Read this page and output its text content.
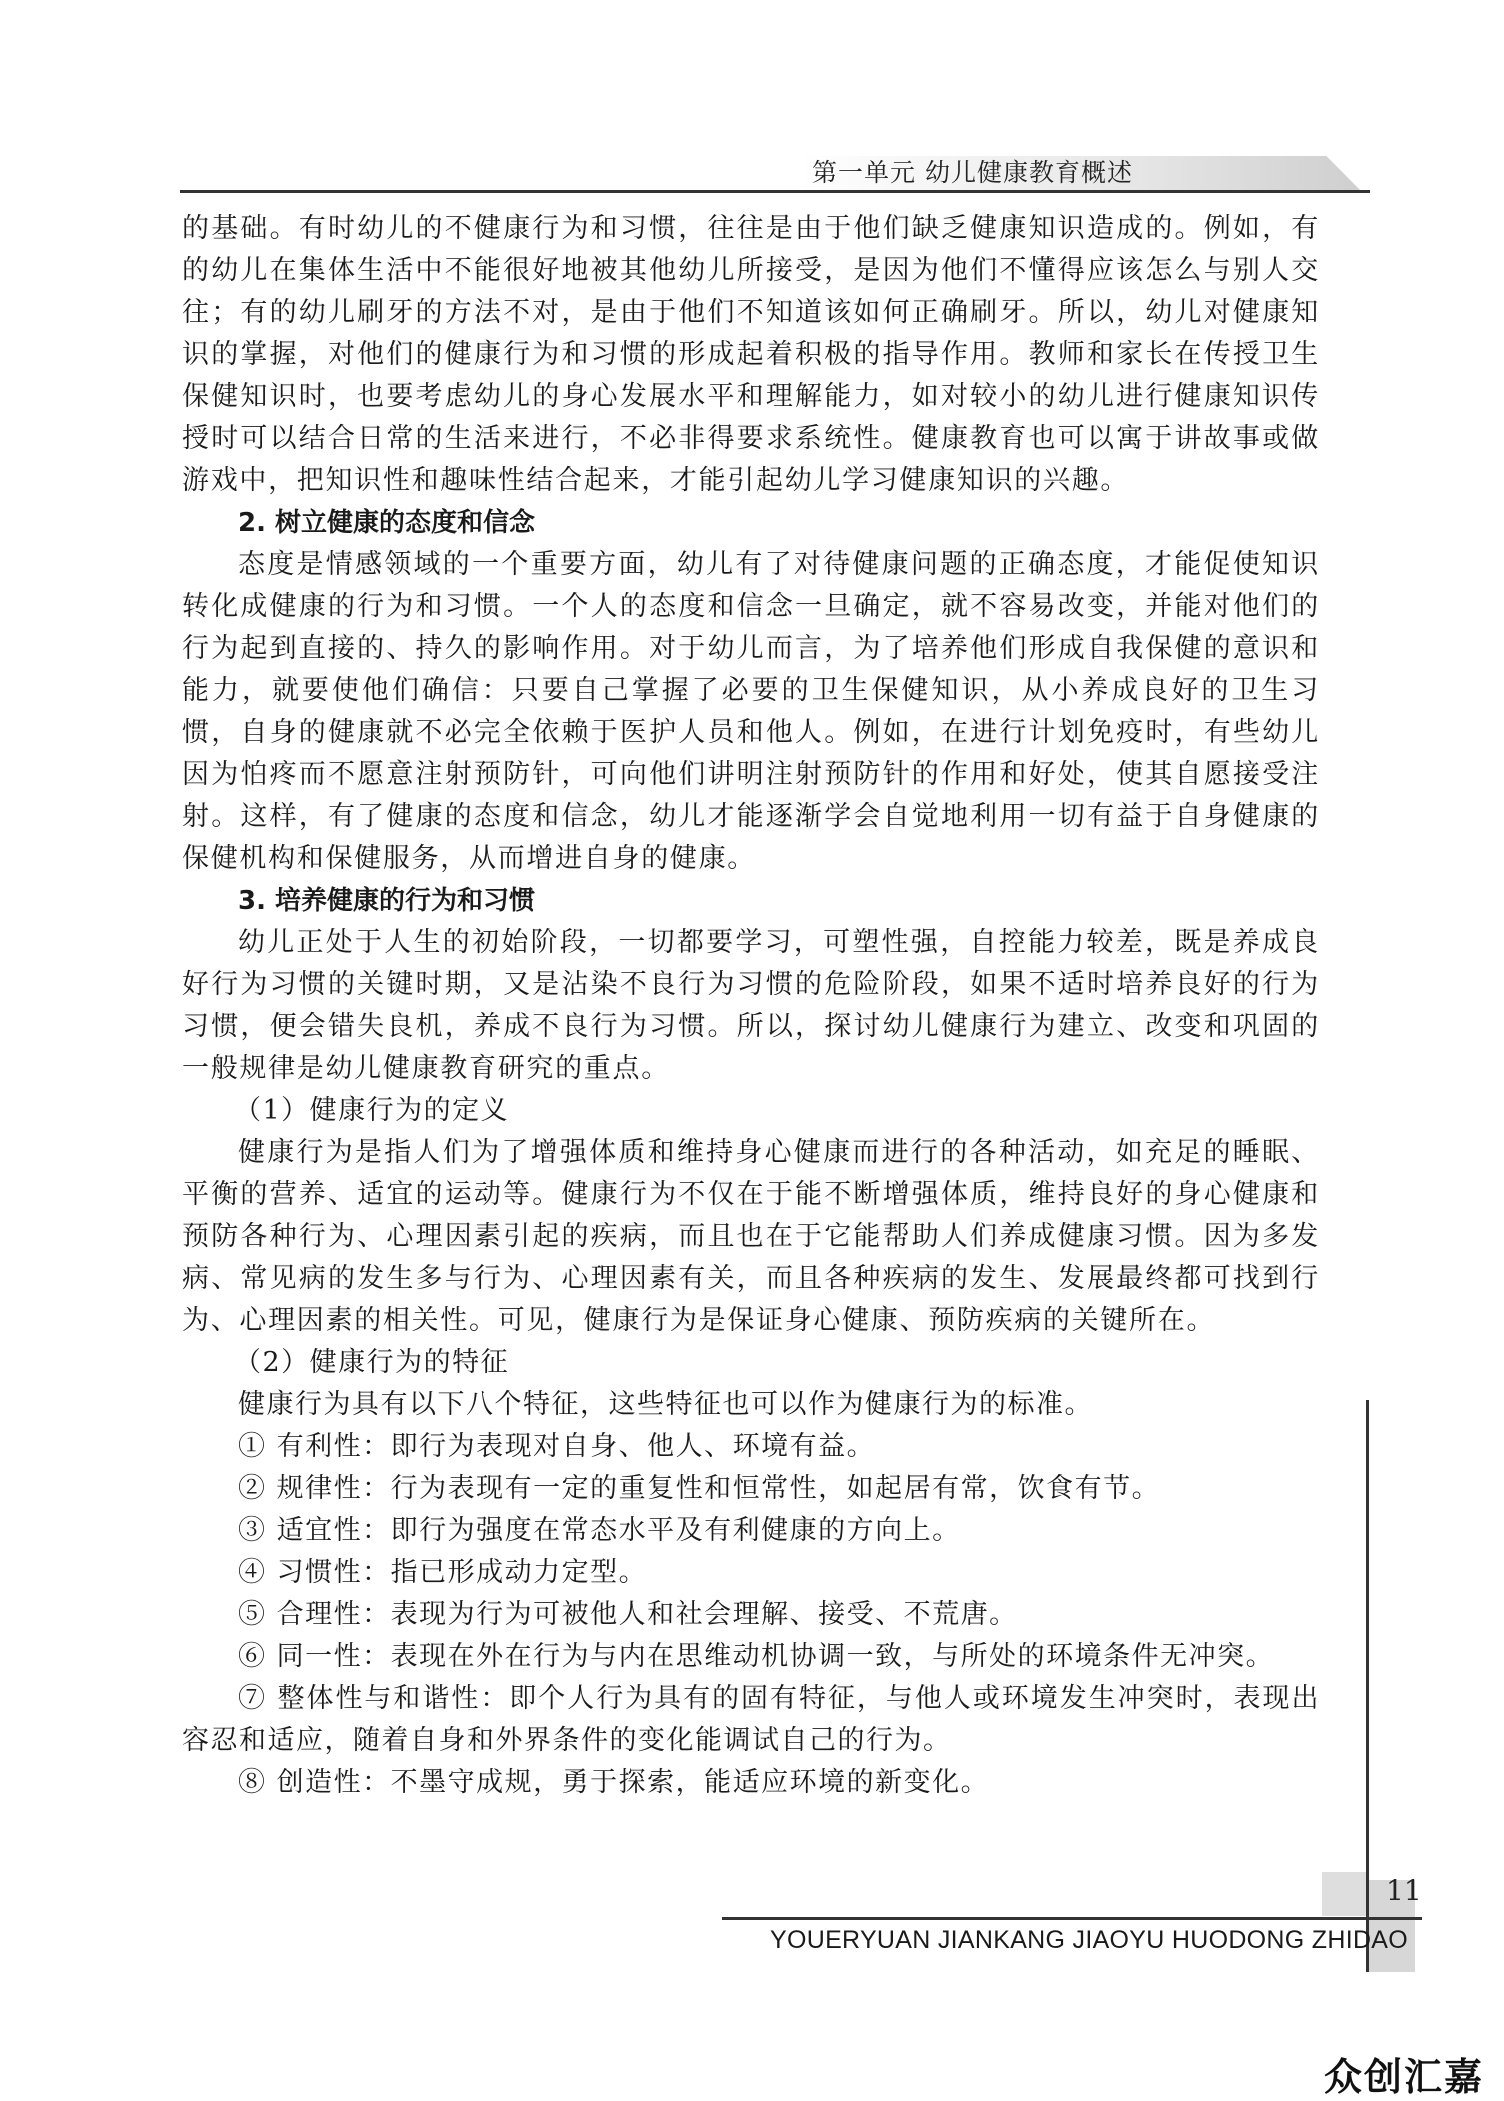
第一单元 幼儿健康教育概述

的基础。有时幼儿的不健康行为和习惯，往往是由于他们缺乏健康知识造成的。例如，有的幼儿在集体生活中不能很好地被其他幼儿所接受，是因为他们不懂得应该怎么与别人交往；有的幼儿刷牙的方法不对，是由于他们不知道该如何正确刷牙。所以，幼儿对健康知识的掌握，对他们的健康行为和习惯的形成起着积极的指导作用。教师和家长在传授卫生保健知识时，也要考虑幼儿的身心发展水平和理解能力，如对较小的幼儿进行健康知识传授时可以结合日常的生活来进行，不必非得要求系统性。健康教育也可以寓于讲故事或做游戏中，把知识性和趣味性结合起来，才能引起幼儿学习健康知识的兴趣。

2. 树立健康的态度和信念

态度是情感领域的一个重要方面，幼儿有了对待健康问题的正确态度，才能促使知识转化成健康的行为和习惯。一个人的态度和信念一旦确定，就不容易改变，并能对他们的行为起到直接的、持久的影响作用。对于幼儿而言，为了培养他们形成自我保健的意识和能力，就要使他们确信：只要自己掌握了必要的卫生保健知识，从小养成良好的卫生习惯，自身的健康就不必完全依赖于医护人员和他人。例如，在进行计划免疫时，有些幼儿因为怕疼而不愿意注射预防针，可向他们讲明注射预防针的作用和好处，使其自愿接受注射。这样，有了健康的态度和信念，幼儿才能逐渐学会自觉地利用一切有益于自身健康的保健机构和保健服务，从而增进自身的健康。

3. 培养健康的行为和习惯

幼儿正处于人生的初始阶段，一切都要学习，可塑性强，自控能力较差，既是养成良好行为习惯的关键时期，又是沾染不良行为习惯的危险阶段，如果不适时培养良好的行为习惯，便会错失良机，养成不良行为习惯。所以，探讨幼儿健康行为建立、改变和巩固的一般规律是幼儿健康教育研究的重点。

（1）健康行为的定义

健康行为是指人们为了增强体质和维持身心健康而进行的各种活动，如充足的睡眠、平衡的营养、适宜的运动等。健康行为不仅在于能不断增强体质，维持良好的身心健康和预防各种行为、心理因素引起的疾病，而且也在于它能帮助人们养成健康习惯。因为多发病、常见病的发生多与行为、心理因素有关，而且各种疾病的发生、发展最终都可找到行为、心理因素的相关性。可见，健康行为是保证身心健康、预防疾病的关键所在。

（2）健康行为的特征

健康行为具有以下八个特征，这些特征也可以作为健康行为的标准。

① 有利性：即行为表现对自身、他人、环境有益。

② 规律性：行为表现有一定的重复性和恒常性，如起居有常，饮食有节。

③ 适宜性：即行为强度在常态水平及有利健康的方向上。

④ 习惯性：指已形成动力定型。

⑤ 合理性：表现为行为可被他人和社会理解、接受、不荒唐。

⑥ 同一性：表现在外在行为与内在思维动机协调一致，与所处的环境条件无冲突。

⑦ 整体性与和谐性：即个人行为具有的固有特征，与他人或环境发生冲突时，表现出容忍和适应，随着自身和外界条件的变化能调试自己的行为。

⑧ 创造性：不墨守成规，勇于探索，能适应环境的新变化。

11
YOUERYUAN JIANKANG JIAOYU HUODONG ZHIDAO
众创汇嘉
